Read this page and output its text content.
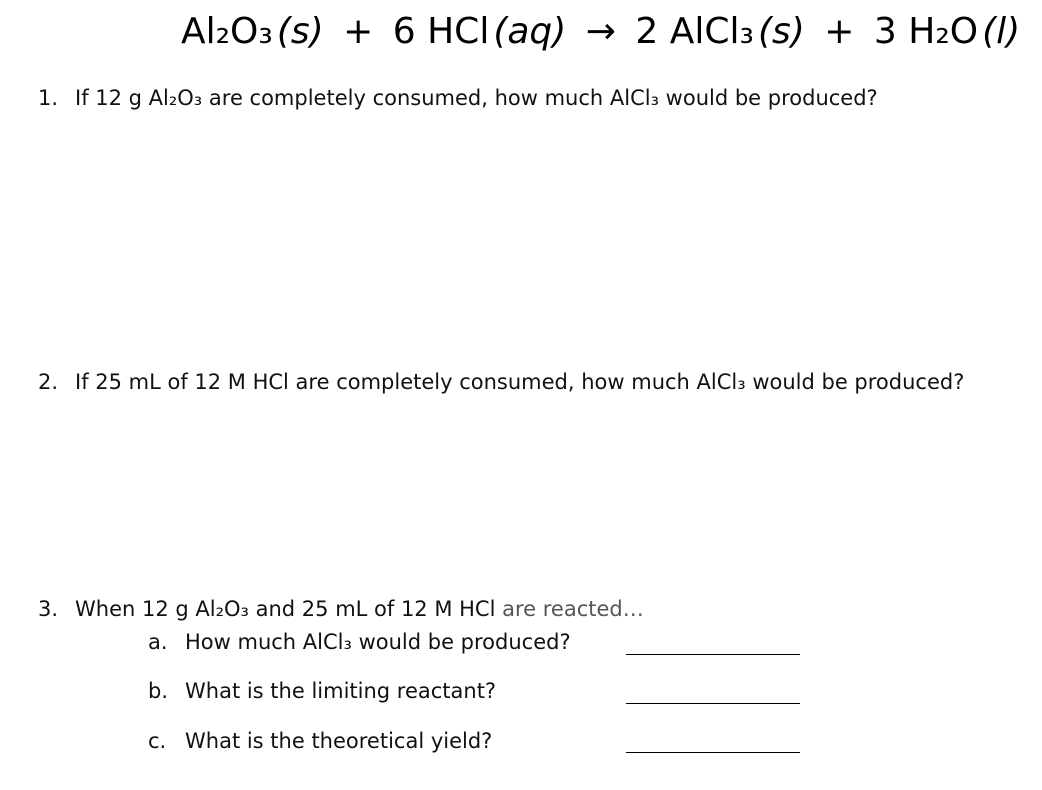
Al₂O₃ (s) + 6 HCl (aq) → 2 AlCl₃ (s) + 3 H₂O (l)
1. If 12 g Al₂O₃ are completely consumed, how much AlCl₃ would be produced?
2. If 25 mL of 12 M HCl are completely consumed, how much AlCl₃ would be produced?
3. When 12 g Al₂O₃ and 25 mL of 12 M HCl are reacted…
a. How much AlCl₃ would be produced?
b. What is the limiting reactant?
c. What is the theoretical yield?
